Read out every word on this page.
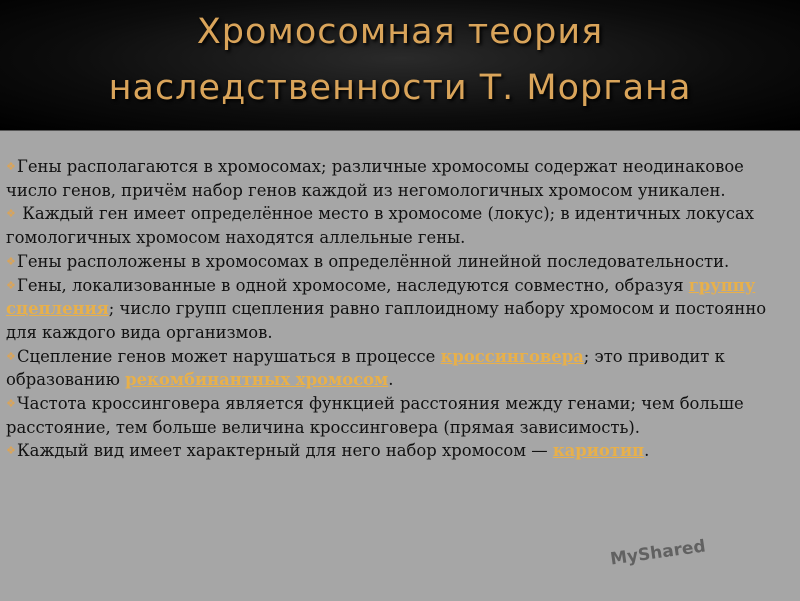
Хромосомная теория
наследственности Т. Моргана

❖Гены располагаются в хромосомах; различные хромосомы содержат неодинаковое число генов, причём набор генов каждой из негомологичных хромосом уникален.

❖ Каждый ген имеет определённое место в хромосоме (локус); в идентичных локусах гомологичных хромосом находятся аллельные гены.

❖Гены расположены в хромосомах в определённой линейной последовательности.

❖Гены, локализованные в одной хромосоме, наследуются совместно, образуя группу сцепления; число групп сцепления равно гаплоидному набору хромосом и постоянно для каждого вида организмов.

❖Сцепление генов может нарушаться в процессе кроссинговера; это приводит к образованию рекомбинантных хромосом.

❖Частота кроссинговера является функцией расстояния между генами; чем больше расстояние, тем больше величина кроссинговера (прямая зависимость).

❖Каждый вид имеет характерный для него набор хромосом — кариотип.

MyShared
